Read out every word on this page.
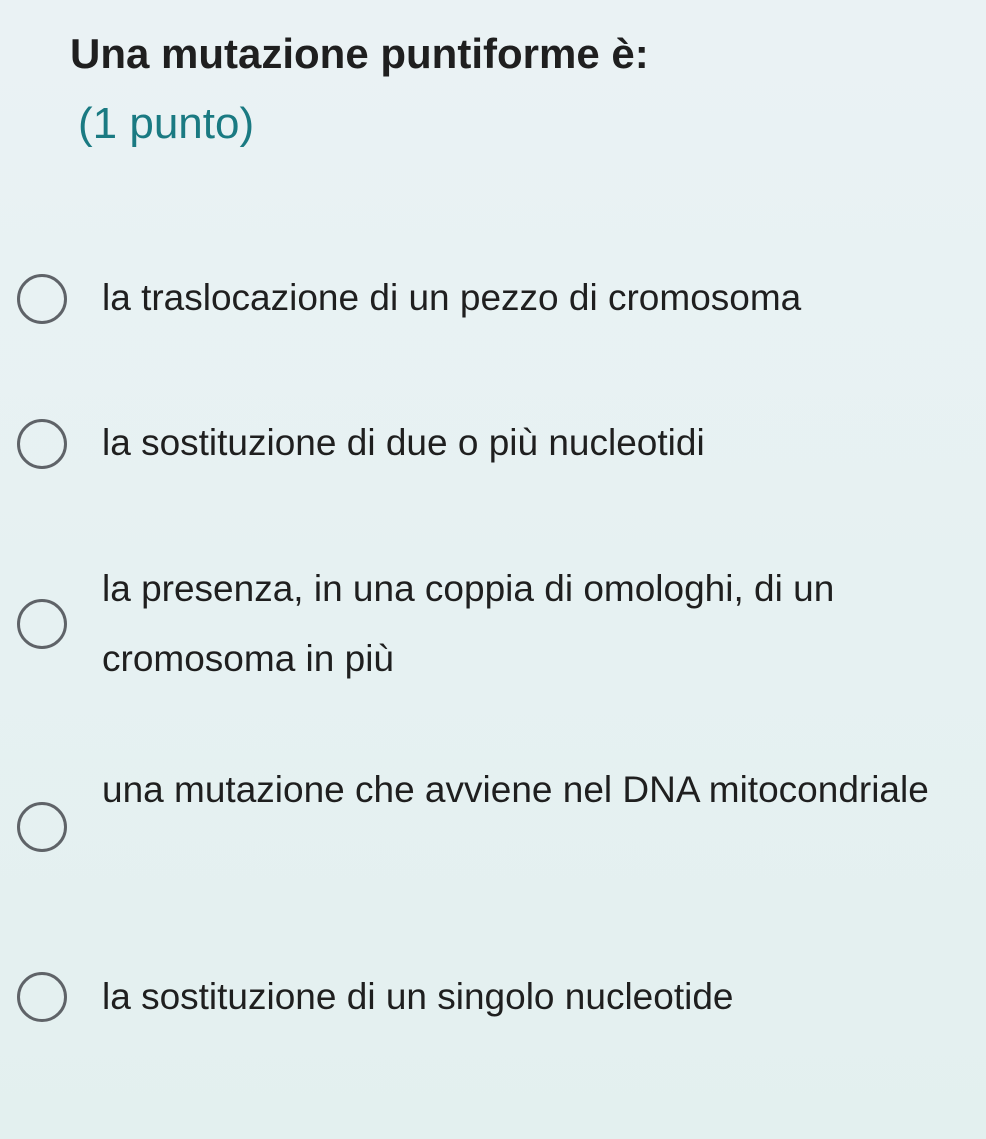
Una mutazione puntiforme è:
(1 punto)
la traslocazione di un pezzo di cromosoma
la sostituzione di due o più nucleotidi
la presenza, in una coppia di omologhi, di un cromosoma in più
una mutazione che avviene nel DNA mitocondriale
la sostituzione di un singolo nucleotide
